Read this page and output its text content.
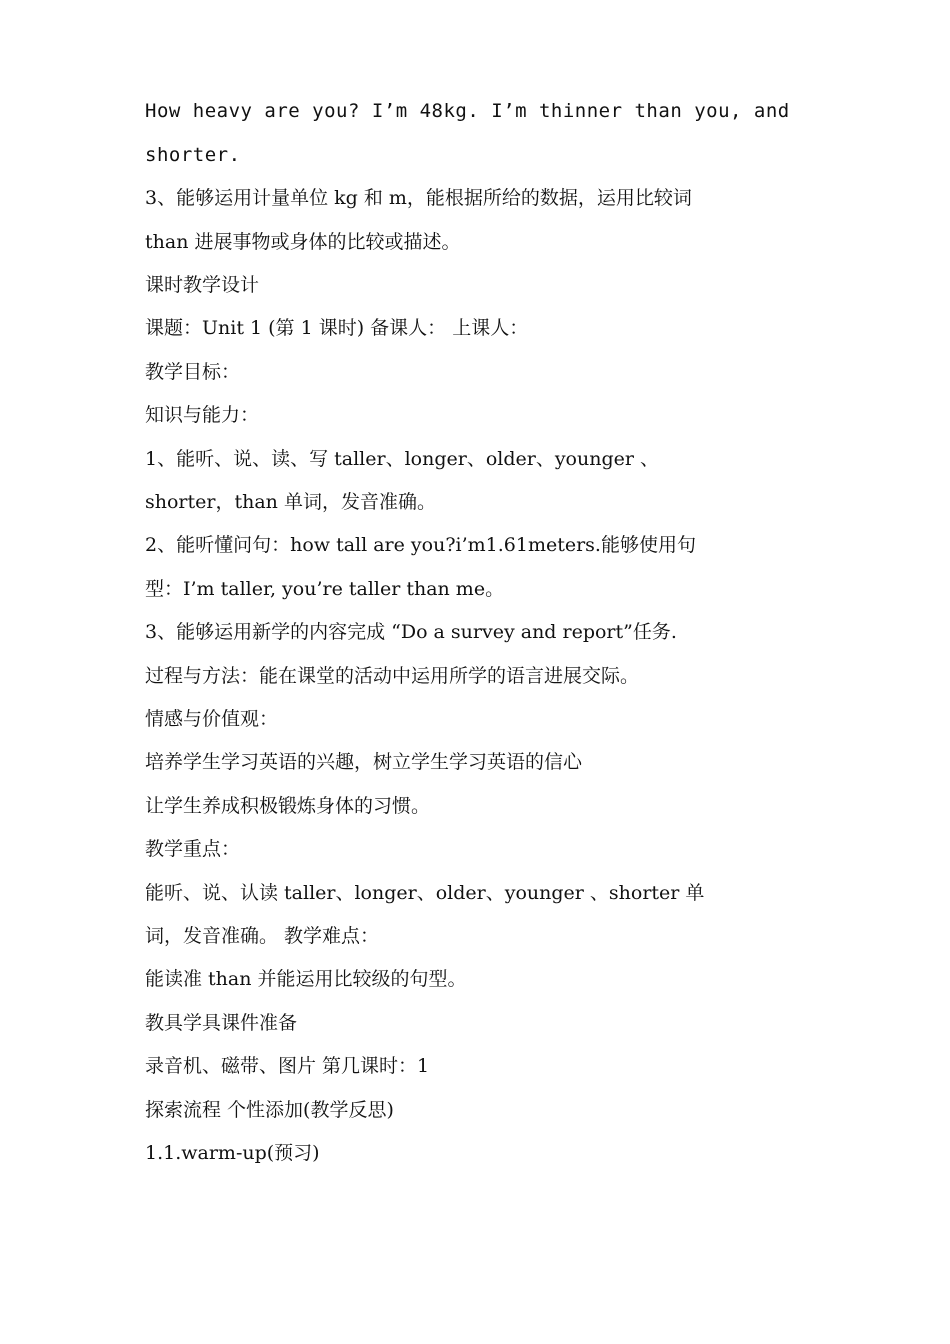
How heavy are you? I’m 48kg. I’m thinner than you, and
shorter.
3、能够运用计量单位 kg 和 m，能根据所给的数据，运用比较词
than 进展事物或身体的比较或描述。
课时教学设计
课题：Unit 1 (第 1 课时) 备课人： 上课人：
教学目标：
知识与能力：
1、能听、说、读、写 taller、longer、older、younger 、
shorter，than 单词，发音准确。
2、能听懂问句：how tall are you?i’m1.61meters.能够使用句
型：I’m taller, you’re taller than me。
3、能够运用新学的内容完成 “Do a survey and report”任务.
过程与方法：能在课堂的活动中运用所学的语言进展交际。
情感与价值观：
培养学生学习英语的兴趣，树立学生学习英语的信心
让学生养成积极锻炼身体的习惯。
教学重点：
能听、说、认读 taller、longer、older、younger 、shorter 单
词，发音准确。 教学难点：
能读准 than 并能运用比较级的句型。
教具学具课件准备
录音机、磁带、图片 第几课时：1
探索流程 个性添加(教学反思)
1.1.warm-up(预习)
